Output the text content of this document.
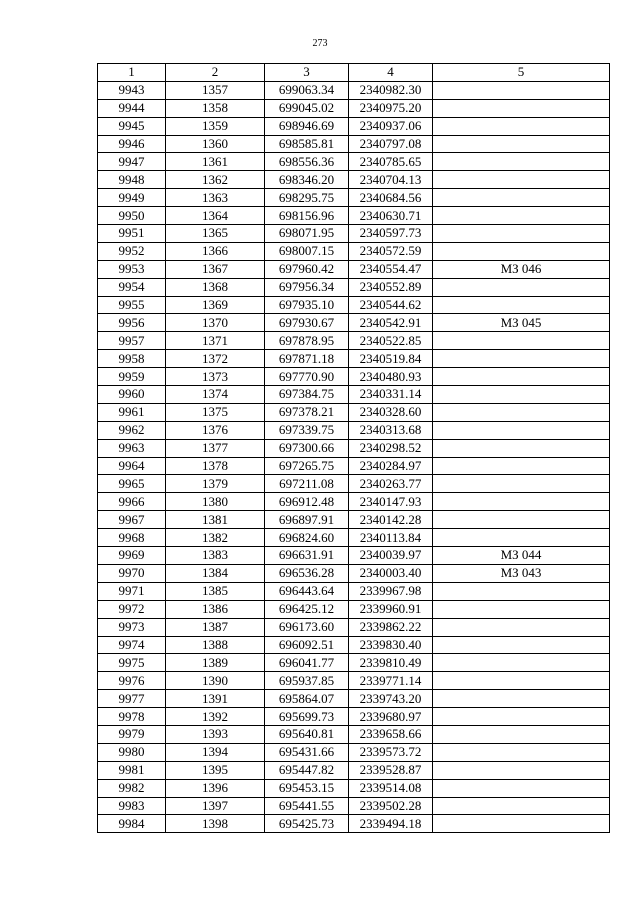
273
1	2	3	4	5
9943	1357	699063.34	2340982.30	
9944	1358	699045.02	2340975.20	
9945	1359	698946.69	2340937.06	
9946	1360	698585.81	2340797.08	
9947	1361	698556.36	2340785.65	
9948	1362	698346.20	2340704.13	
9949	1363	698295.75	2340684.56	
9950	1364	698156.96	2340630.71	
9951	1365	698071.95	2340597.73	
9952	1366	698007.15	2340572.59	
9953	1367	697960.42	2340554.47	МЗ 046
9954	1368	697956.34	2340552.89	
9955	1369	697935.10	2340544.62	
9956	1370	697930.67	2340542.91	МЗ 045
9957	1371	697878.95	2340522.85	
9958	1372	697871.18	2340519.84	
9959	1373	697770.90	2340480.93	
9960	1374	697384.75	2340331.14	
9961	1375	697378.21	2340328.60	
9962	1376	697339.75	2340313.68	
9963	1377	697300.66	2340298.52	
9964	1378	697265.75	2340284.97	
9965	1379	697211.08	2340263.77	
9966	1380	696912.48	2340147.93	
9967	1381	696897.91	2340142.28	
9968	1382	696824.60	2340113.84	
9969	1383	696631.91	2340039.97	МЗ 044
9970	1384	696536.28	2340003.40	МЗ 043
9971	1385	696443.64	2339967.98	
9972	1386	696425.12	2339960.91	
9973	1387	696173.60	2339862.22	
9974	1388	696092.51	2339830.40	
9975	1389	696041.77	2339810.49	
9976	1390	695937.85	2339771.14	
9977	1391	695864.07	2339743.20	
9978	1392	695699.73	2339680.97	
9979	1393	695640.81	2339658.66	
9980	1394	695431.66	2339573.72	
9981	1395	695447.82	2339528.87	
9982	1396	695453.15	2339514.08	
9983	1397	695441.55	2339502.28	
9984	1398	695425.73	2339494.18	
